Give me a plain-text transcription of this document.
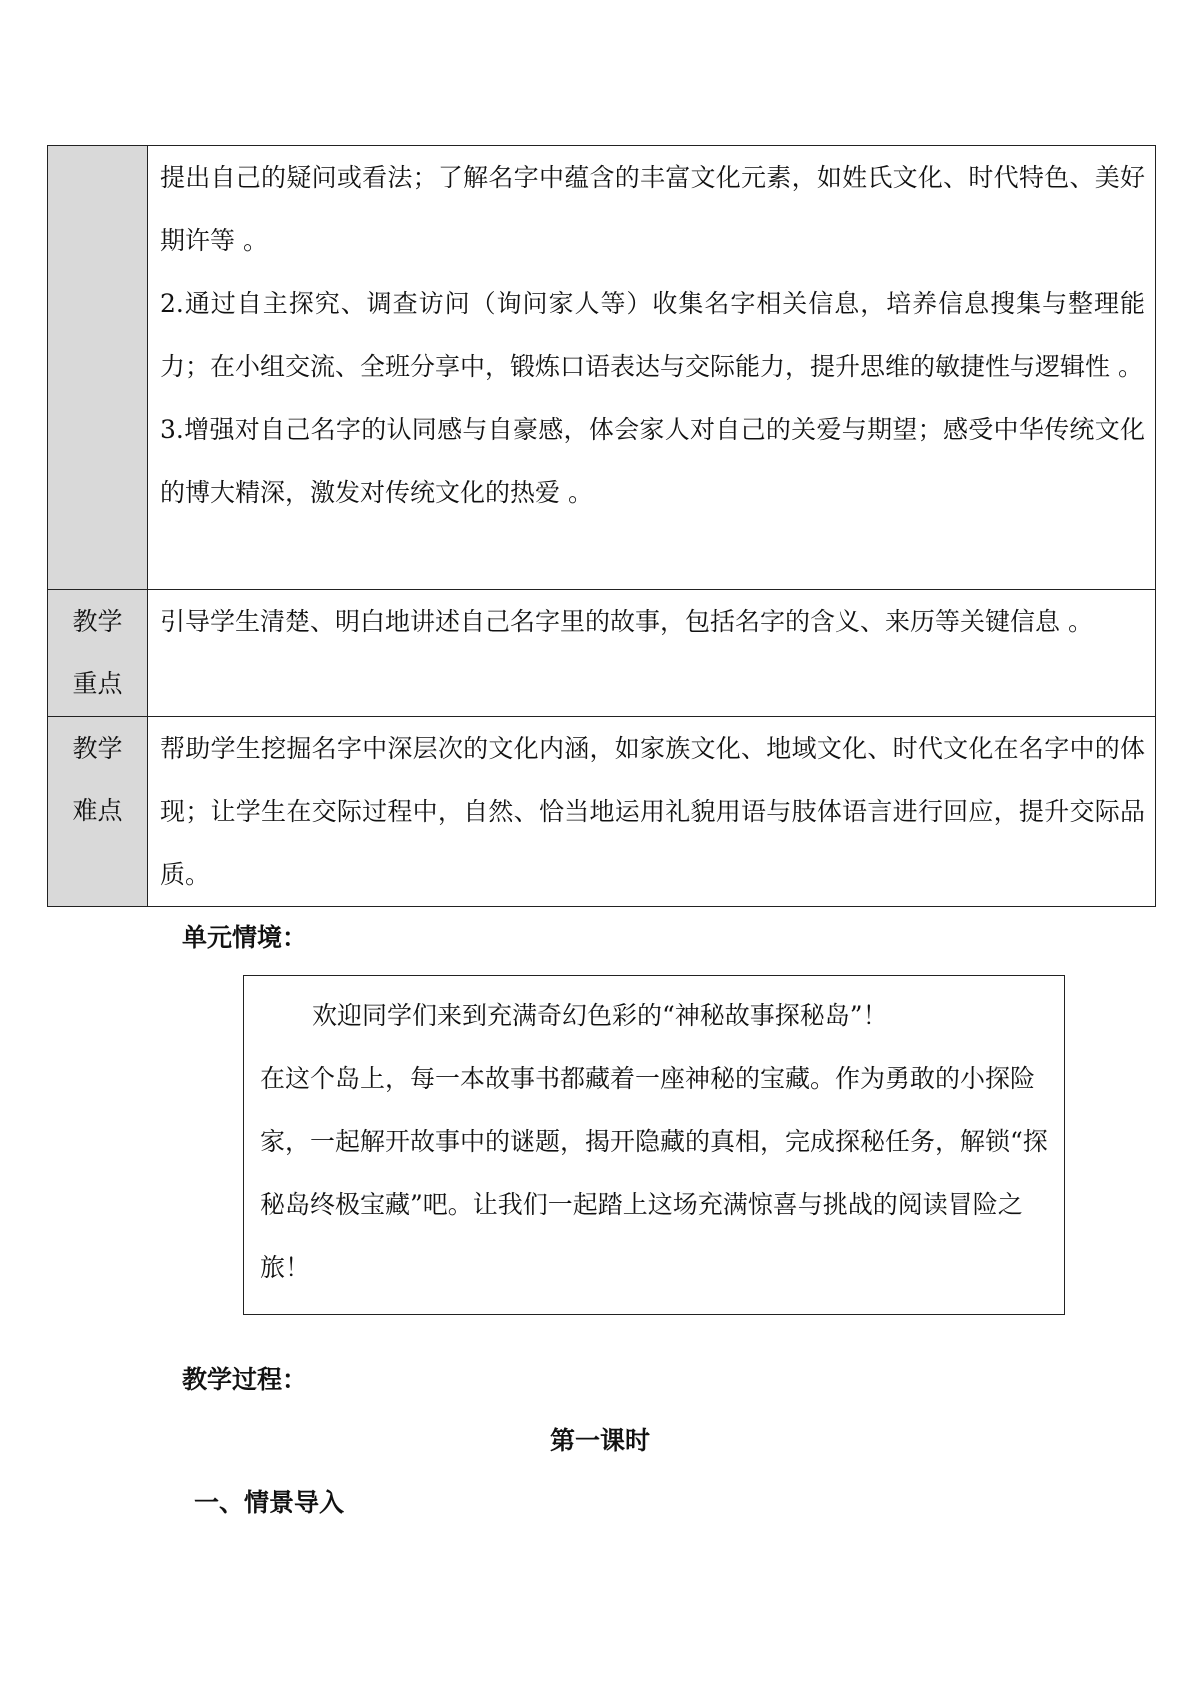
	提出自己的疑问或看法；了解名字中蕴含的丰富文化元素，如姓氏文化、时代特色、美好期许等 。

2.通过自主探究、调查访问（询问家人等）收集名字相关信息，培养信息搜集与整理能力；在小组交流、全班分享中，锻炼口语表达与交际能力，提升思维的敏捷性与逻辑性 。

3.增强对自己名字的认同感与自豪感，体会家人对自己的关爱与期望；感受中华传统文化的博大精深，激发对传统文化的热爱 。

教学
重点	引导学生清楚、明白地讲述自己名字里的故事，包括名字的含义、来历等关键信息 。

教学
难点	帮助学生挖掘名字中深层次的文化内涵，如家族文化、地域文化、时代文化在名字中的体现；让学生在交际过程中，自然、恰当地运用礼貌用语与肢体语言进行回应，提升交际品质。

单元情境：

欢迎同学们来到充满奇幻色彩的“神秘故事探秘岛”！

在这个岛上，每一本故事书都藏着一座神秘的宝藏。作为勇敢的小探险家，一起解开故事中的谜题，揭开隐藏的真相，完成探秘任务，解锁“探秘岛终极宝藏”吧。让我们一起踏上这场充满惊喜与挑战的阅读冒险之旅！

教学过程：
第一课时
一、情景导入
